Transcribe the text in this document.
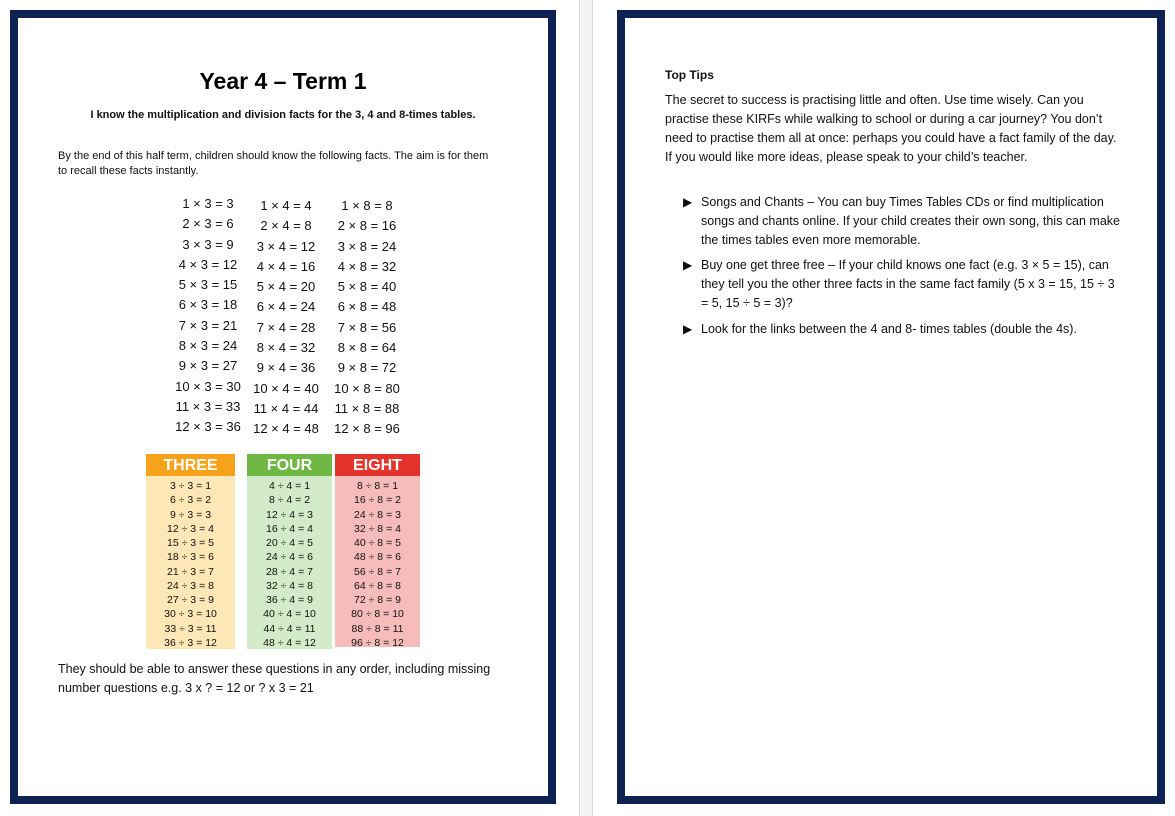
Year 4 – Term 1
I know the multiplication and division facts for the 3, 4 and 8-times tables.
By the end of this half term, children should know the following facts. The aim is for them to recall these facts instantly.
1 × 3 = 3
2 × 3 = 6
3 × 3 = 9
4 × 3 = 12
5 × 3 = 15
6 × 3 = 18
7 × 3 = 21
8 × 3 = 24
9 × 3 = 27
10 × 3 = 30
11 × 3 = 33
12 × 3 = 36
1 × 4 = 4
2 × 4 = 8
3 × 4 = 12
4 × 4 = 16
5 × 4 = 20
6 × 4 = 24
7 × 4 = 28
8 × 4 = 32
9 × 4 = 36
10 × 4 = 40
11 × 4 = 44
12 × 4 = 48
1 × 8 = 8
2 × 8 = 16
3 × 8 = 24
4 × 8 = 32
5 × 8 = 40
6 × 8 = 48
7 × 8 = 56
8 × 8 = 64
9 × 8 = 72
10 × 8 = 80
11 × 8 = 88
12 × 8 = 96
THREE
3 ÷ 3 = 1
6 ÷ 3 = 2
9 ÷ 3 = 3
12 ÷ 3 = 4
15 ÷ 3 = 5
18 ÷ 3 = 6
21 ÷ 3 = 7
24 ÷ 3 = 8
27 ÷ 3 = 9
30 ÷ 3 = 10
33 ÷ 3 = 11
36 ÷ 3 = 12
FOUR
4 ÷ 4 = 1
8 ÷ 4 = 2
12 ÷ 4 = 3
16 ÷ 4 = 4
20 ÷ 4 = 5
24 ÷ 4 = 6
28 ÷ 4 = 7
32 ÷ 4 = 8
36 ÷ 4 = 9
40 ÷ 4 = 10
44 ÷ 4 = 11
48 ÷ 4 = 12
EIGHT
8 ÷ 8 = 1
16 ÷ 8 = 2
24 ÷ 8 = 3
32 ÷ 8 = 4
40 ÷ 8 = 5
48 ÷ 8 = 6
56 ÷ 8 = 7
64 ÷ 8 = 8
72 ÷ 8 = 9
80 ÷ 8 = 10
88 ÷ 8 = 11
96 ÷ 8 = 12
They should be able to answer these questions in any order, including missing number questions e.g. 3 x ? = 12 or ? x 3 = 21
Top Tips
The secret to success is practising little and often. Use time wisely. Can you practise these KIRFs while walking to school or during a car journey? You don’t need to practise them all at once: perhaps you could have a fact family of the day. If you would like more ideas, please speak to your child’s teacher.
▶ Songs and Chants – You can buy Times Tables CDs or find multiplication songs and chants online. If your child creates their own song, this can make the times tables even more memorable.
▶ Buy one get three free – If your child knows one fact (e.g. 3 × 5 = 15), can they tell you the other three facts in the same fact family (5 x 3 = 15, 15 ÷ 3 = 5, 15 ÷ 5 = 3)?
▶ Look for the links between the 4 and 8- times tables (double the 4s).
